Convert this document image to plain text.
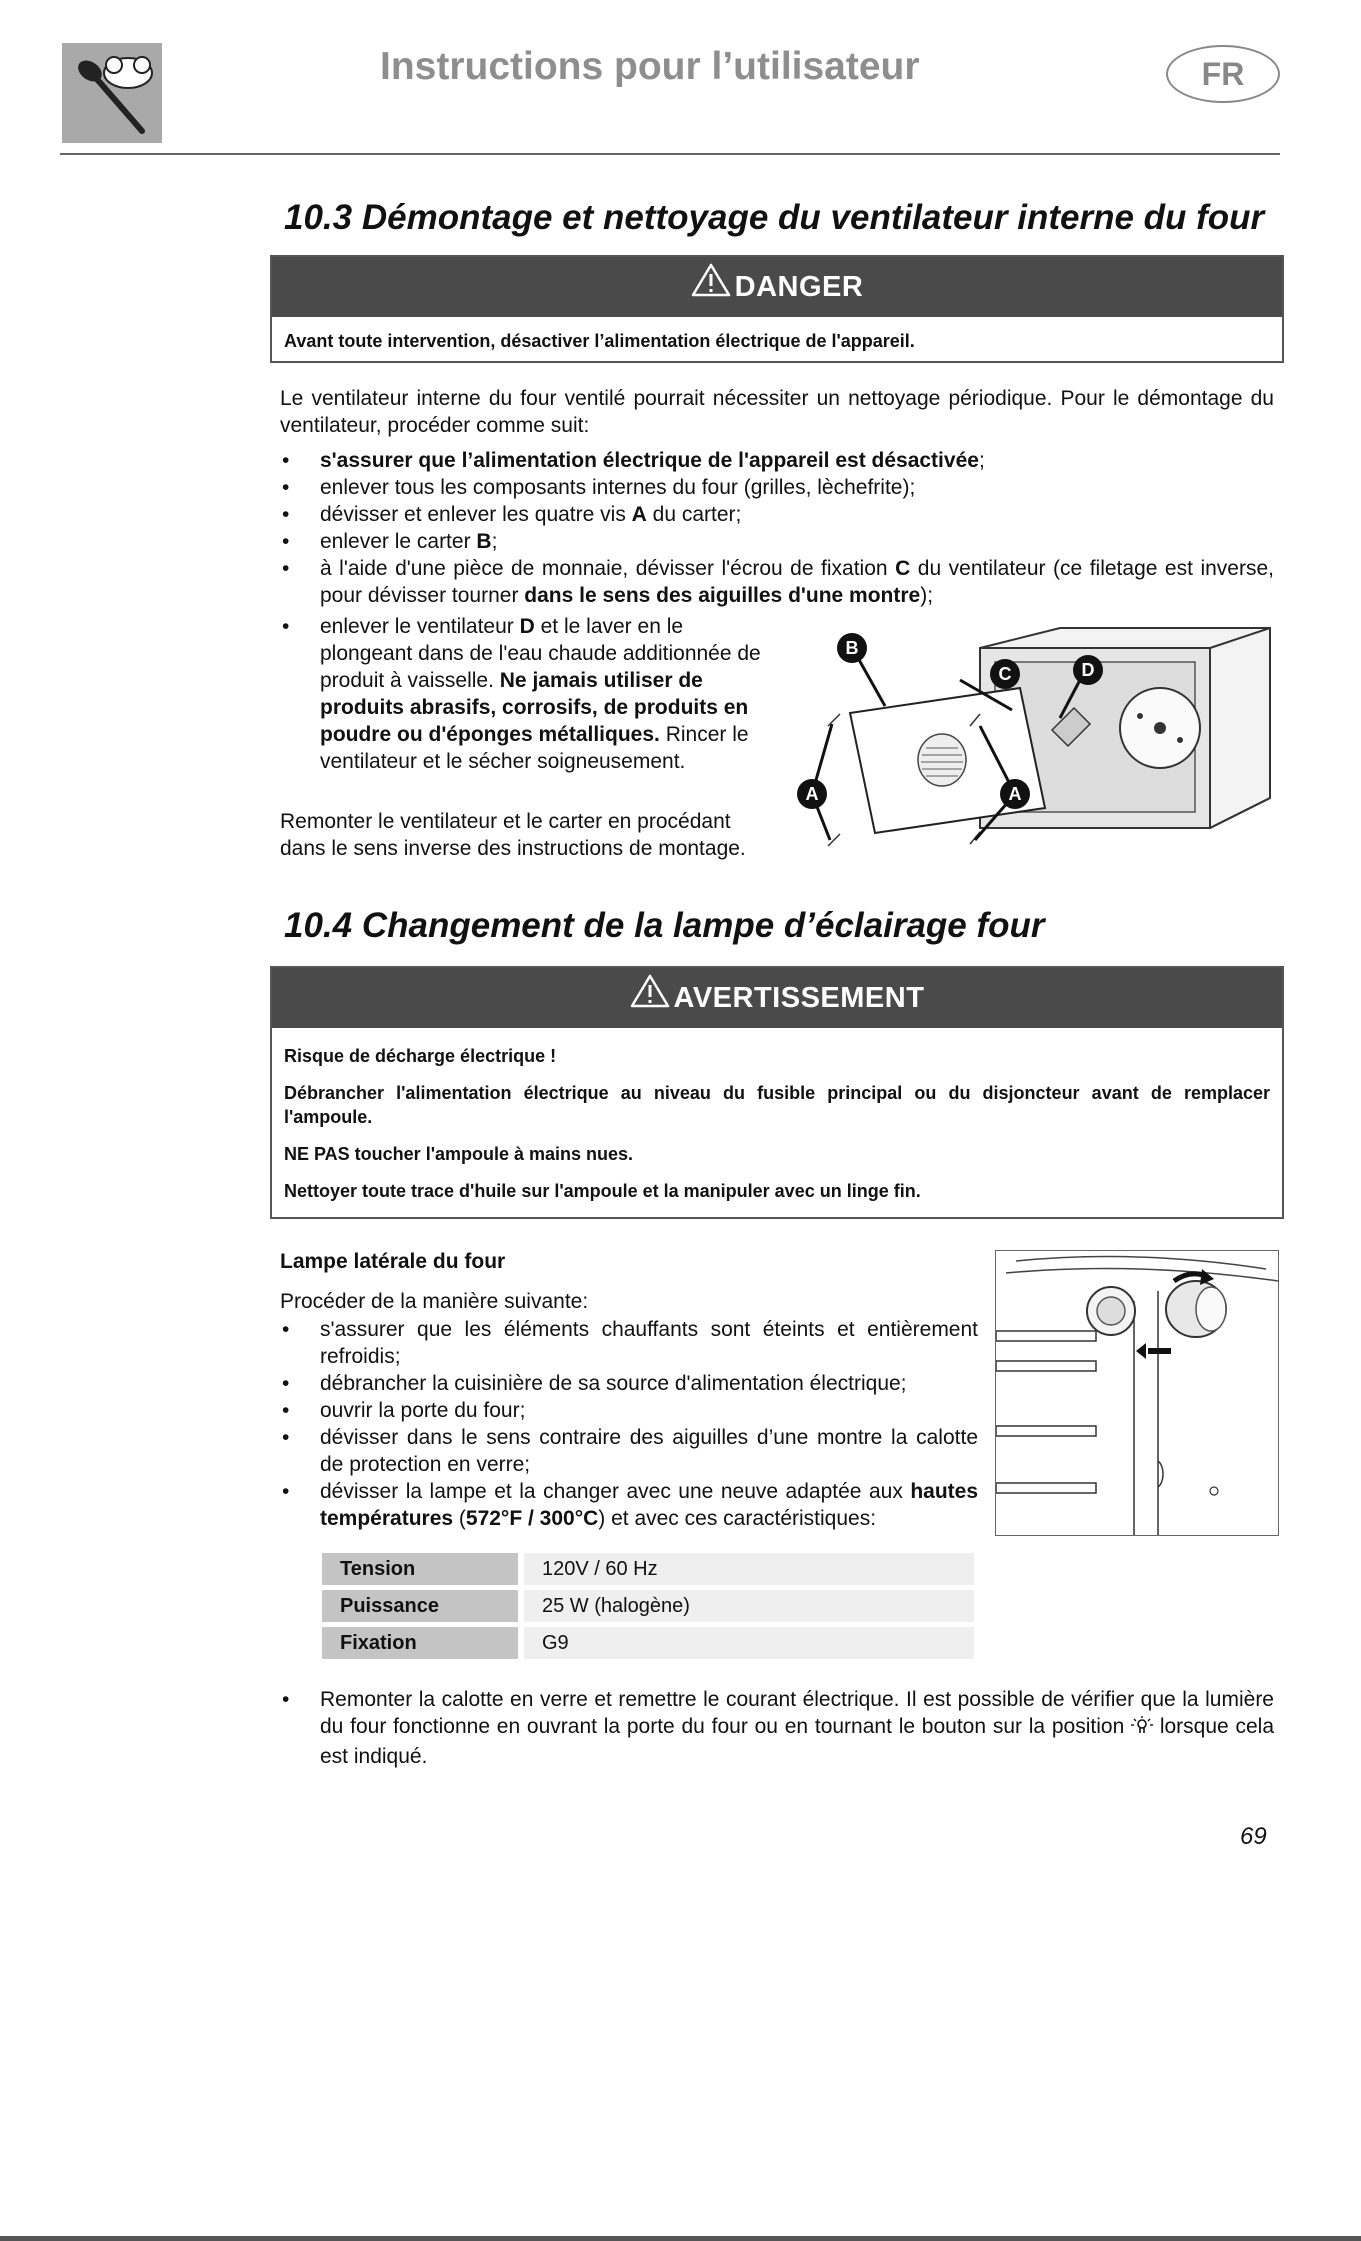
Instructions pour l’utilisateur	FR
10.3 Démontage et nettoyage du ventilateur interne du four
DANGER

Avant toute intervention, désactiver l’alimentation électrique de l'appareil.

Le ventilateur interne du four ventilé pourrait nécessiter un nettoyage périodique. Pour le démontage du ventilateur, procéder comme suit:
• s'assurer que l’alimentation électrique de l'appareil est désactivée;
• enlever tous les composants internes du four (grilles, lèchefrite);
• dévisser et enlever les quatre vis A du carter;
• enlever le carter B;
• à l'aide d'une pièce de monnaie, dévisser l'écrou de fixation C du ventilateur (ce filetage est inverse, pour dévisser tourner dans le sens des aiguilles d'une montre);
• enlever le ventilateur D et le laver en le plongeant dans de l'eau chaude additionnée de produit à vaisselle. Ne jamais utiliser de produits abrasifs, corrosifs, de produits en poudre ou d'éponges métalliques. Rincer le ventilateur et le sécher soigneusement.
Remonter le ventilateur et le carter en procédant dans le sens inverse des instructions de montage.
B
C	D
A	A
10.4 Changement de la lampe d’éclairage four
AVERTISSEMENT

Risque de décharge électrique !

Débrancher l'alimentation électrique au niveau du fusible principal ou du disjoncteur avant de remplacer l'ampoule.

NE PAS toucher l'ampoule à mains nues.

Nettoyer toute trace d'huile sur l'ampoule et la manipuler avec un linge fin.

Lampe latérale du four
Procéder de la manière suivante:
• s'assurer que les éléments chauffants sont éteints et entièrement refroidis;
• débrancher la cuisinière de sa source d'alimentation électrique;
• ouvrir la porte du four;
• dévisser dans le sens contraire des aiguilles d’une montre la calotte de protection en verre;
• dévisser la lampe et la changer avec une neuve adaptée aux hautes températures (572°F / 300°C) et avec ces caractéristiques:
Tension	120V / 60 Hz
Puissance	25 W (halogène)
Fixation	G9
• Remonter la calotte en verre et remettre le courant électrique. Il est possible de vérifier que la lumière du four fonctionne en ouvrant la porte du four ou en tournant le bouton sur la position  lorsque cela est indiqué.
69
